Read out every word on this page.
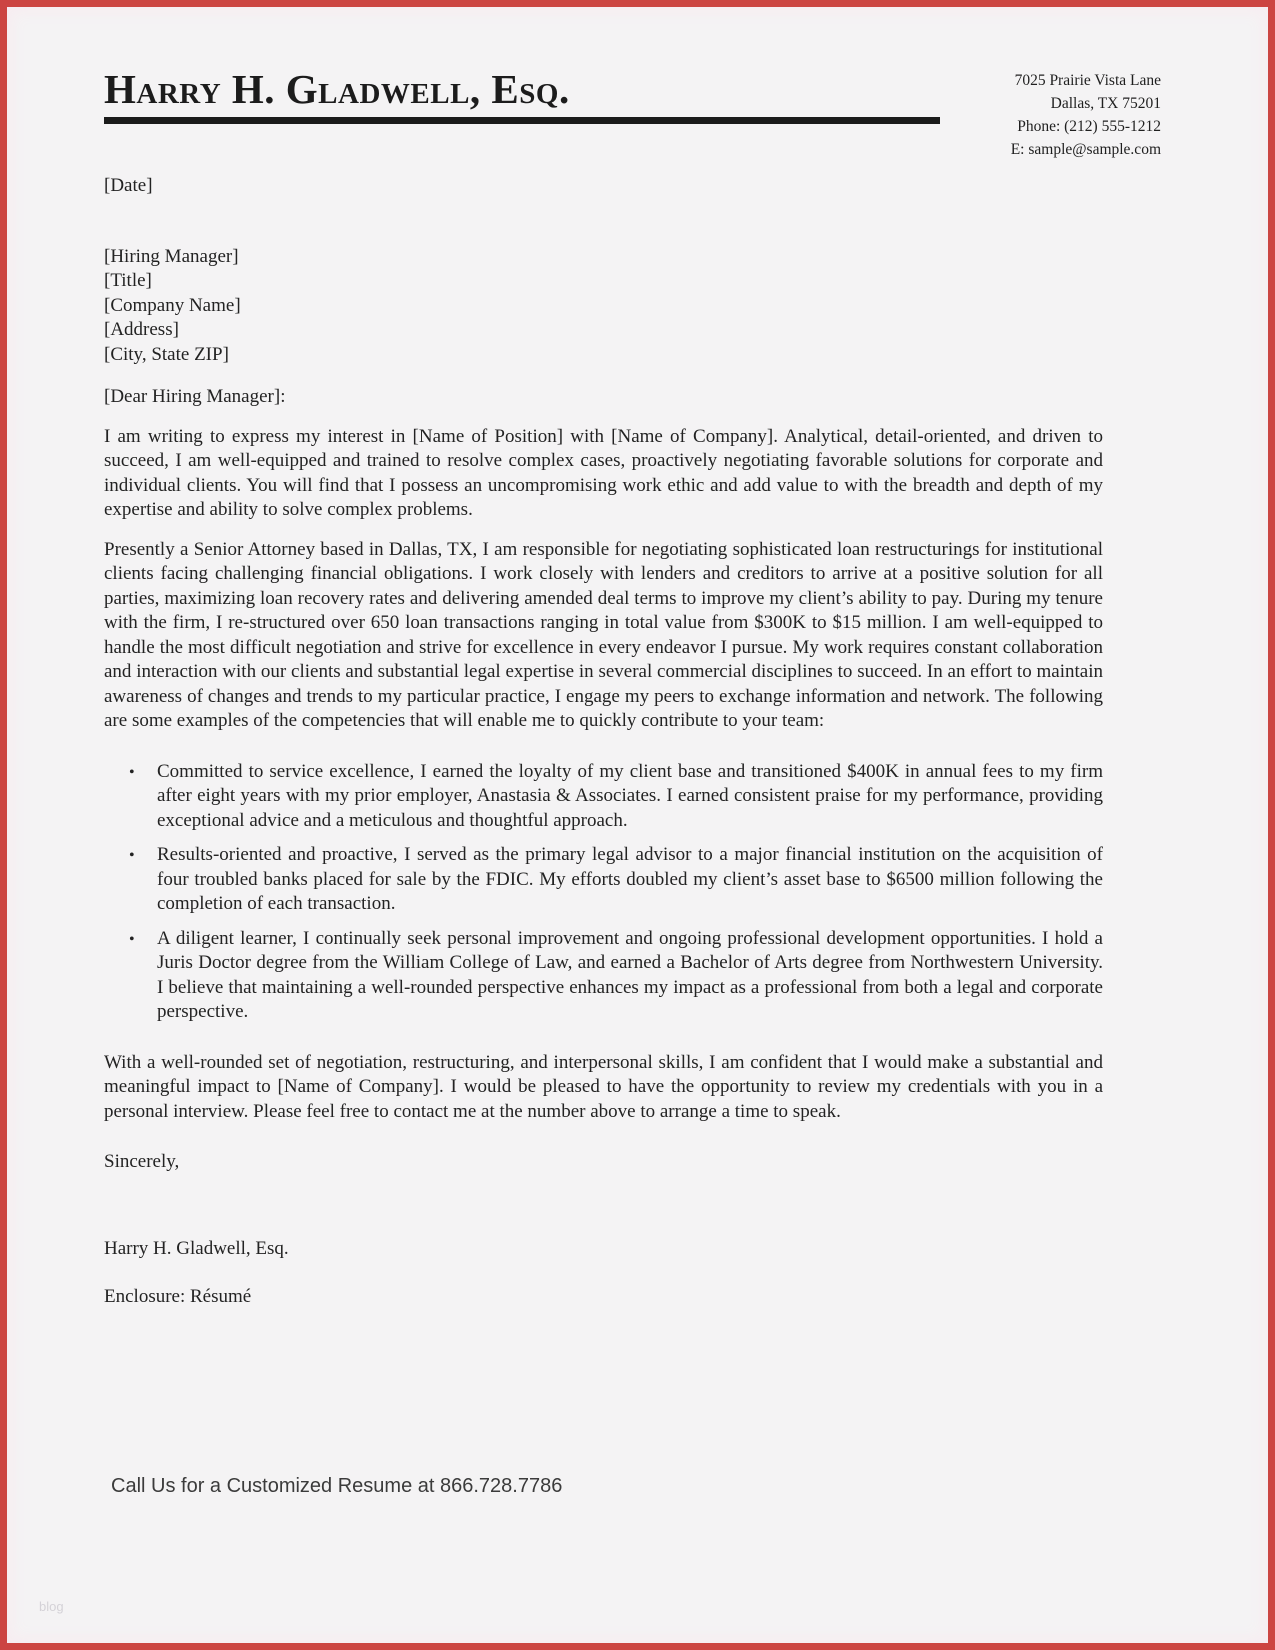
Harry H. Gladwell, Esq.	7025 Prairie Vista Lane
Dallas, TX 75201
Phone: (212) 555-1212
E: sample@sample.com
[Date]
[Hiring Manager]
[Title]
[Company Name]
[Address]
[City, State ZIP]
[Dear Hiring Manager]:

I am writing to express my interest in [Name of Position] with [Name of Company]. Analytical, detail-oriented, and driven to succeed, I am well-equipped and trained to resolve complex cases, proactively negotiating favorable solutions for corporate and individual clients. You will find that I possess an uncompromising work ethic and add value to with the breadth and depth of my expertise and ability to solve complex problems.

Presently a Senior Attorney based in Dallas, TX, I am responsible for negotiating sophisticated loan restructurings for institutional clients facing challenging financial obligations. I work closely with lenders and creditors to arrive at a positive solution for all parties, maximizing loan recovery rates and delivering amended deal terms to improve my client’s ability to pay. During my tenure with the firm, I re-structured over 650 loan transactions ranging in total value from $300K to $15 million. I am well-equipped to handle the most difficult negotiation and strive for excellence in every endeavor I pursue. My work requires constant collaboration and interaction with our clients and substantial legal expertise in several commercial disciplines to succeed. In an effort to maintain awareness of changes and trends to my particular practice, I engage my peers to exchange information and network. The following are some examples of the competencies that will enable me to quickly contribute to your team:

• Committed to service excellence, I earned the loyalty of my client base and transitioned $400K in annual fees to my firm after eight years with my prior employer, Anastasia & Associates. I earned consistent praise for my performance, providing exceptional advice and a meticulous and thoughtful approach.
• Results-oriented and proactive, I served as the primary legal advisor to a major financial institution on the acquisition of four troubled banks placed for sale by the FDIC. My efforts doubled my client’s asset base to $6500 million following the completion of each transaction.
• A diligent learner, I continually seek personal improvement and ongoing professional development opportunities. I hold a Juris Doctor degree from the William College of Law, and earned a Bachelor of Arts degree from Northwestern University. I believe that maintaining a well-rounded perspective enhances my impact as a professional from both a legal and corporate perspective.

With a well-rounded set of negotiation, restructuring, and interpersonal skills, I am confident that I would make a substantial and meaningful impact to [Name of Company]. I would be pleased to have the opportunity to review my credentials with you in a personal interview. Please feel free to contact me at the number above to arrange a time to speak.

Sincerely,
Harry H. Gladwell, Esq.
Enclosure: Résumé
Call Us for a Customized Resume at 866.728.7786
blog
